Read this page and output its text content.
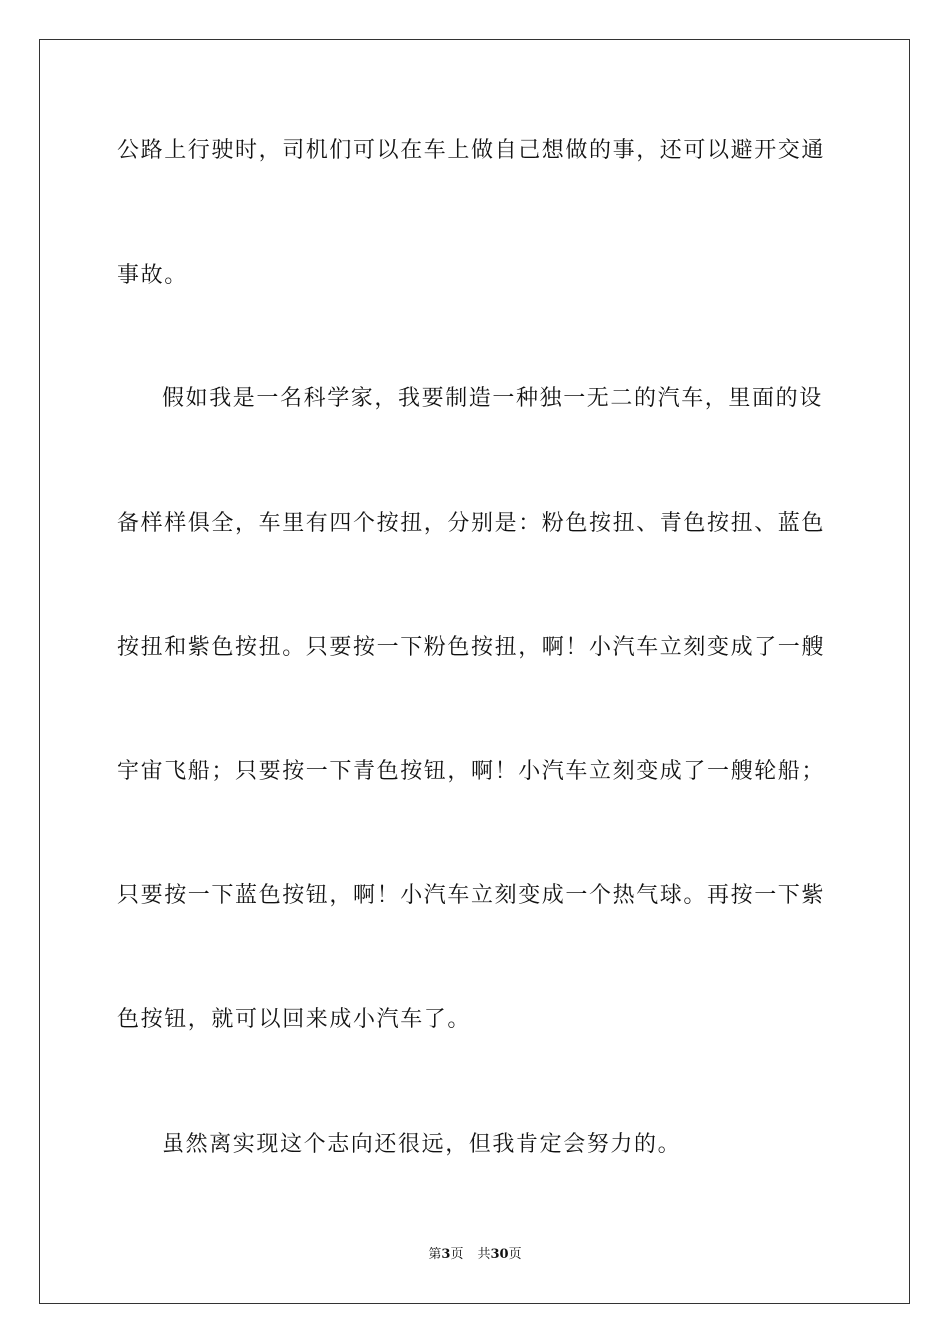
公路上行驶时，司机们可以在车上做自己想做的事，还可以避开交通
事故。
假如我是一名科学家，我要制造一种独一无二的汽车，里面的设
备样样俱全，车里有四个按扭，分别是：粉色按扭、青色按扭、蓝色
按扭和紫色按扭。只要按一下粉色按扭，啊！小汽车立刻变成了一艘
宇宙飞船；只要按一下青色按钮，啊！小汽车立刻变成了一艘轮船；
只要按一下蓝色按钮，啊！小汽车立刻变成一个热气球。再按一下紫
色按钮，就可以回来成小汽车了。
虽然离实现这个志向还很远，但我肯定会努力的。
第3页 共30页
